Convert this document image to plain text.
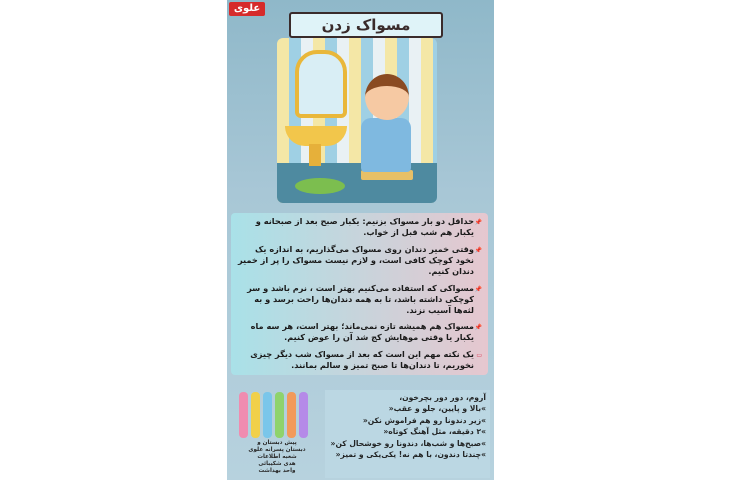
علوی
مسواک زدن
📌
حداقل دو بار مسواک بزنیم: یکبار صبح بعد از صبحانه و یکبار هم شب قبل از خواب.
📌
وقتی خمیر دندان روی مسواک می‌گذاریم، به اندازه یک نخود کوچک کافی است، و لازم نیست مسواک را پر از خمیر دندان کنیم.
📌
مسواکی که استفاده می‌کنیم بهتر است ، نرم باشد و سر کوچکی داشته باشد، تا به همه دندان‌ها راحت برسد و به لثه‌ها آسیب نزند.
📌
مسواک هم همیشه تازه نمی‌ماند؛ بهتر است، هر سه ماه یکبار یا وقتی موهایش کج شد آن را عوض کنیم.
▭
یک نکته مهم این است که بعد از مسواک شب دیگر چیزی نخوریم، تا دندان‌ها تا صبح تمیز و سالم بمانند.
آروم، دور دور بچرخون،
»بالا و پایین، جلو و عقب«
»زیر دندونا رو هم فراموش نکن«
»۲ دقیقه، مثل آهنگ کوتاه«
»صبح‌ها و شب‌ها، دندونا رو خوشحال کن«
»چندتا دندون، با هم نه! یکی‌یکی و تمیز«
پیش دبستان و
دبستان پسرانه علوی
شعبه اطلاعات
هدی شکیبائی
واحد بهداشت
